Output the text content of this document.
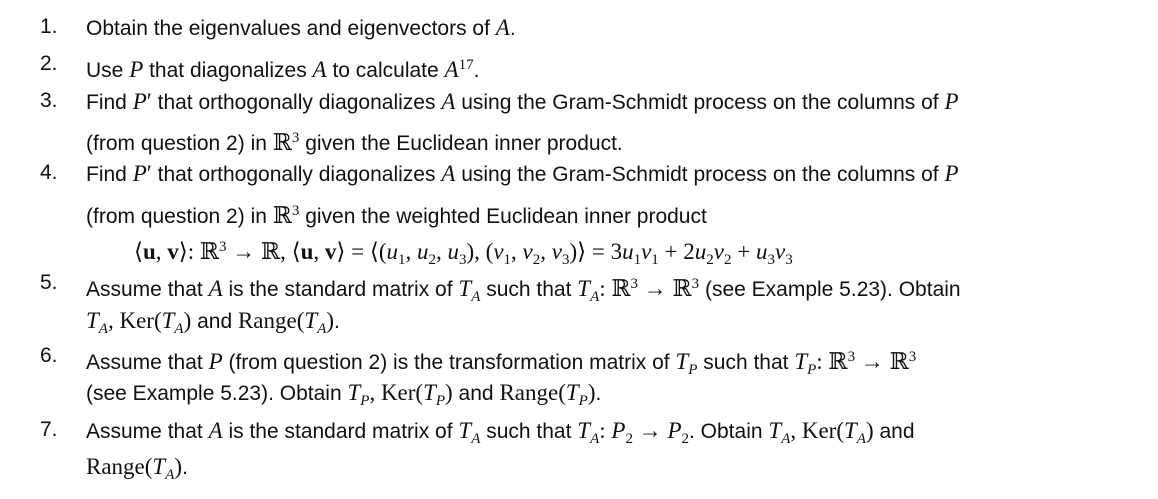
1.	Obtain the eigenvalues and eigenvectors of A.
2.	Use P that diagonalizes A to calculate $A^{17}$.
3.	Find P′ that orthogonally diagonalizes A using the Gram-Schmidt process on the columns of P
(from question 2) in ℝ$^3$ given the Euclidean inner product.
4.	Find P′ that orthogonally diagonalizes A using the Gram-Schmidt process on the columns of P
(from question 2) in ℝ$^3$ given the weighted Euclidean inner product
⟨u, v⟩: ℝ$^3$ → ℝ, ⟨u, v⟩ = $⟨(u_1$, $u_2$, $u_3$), ($v_1$, $v_2$, $v_3)⟩ = 3u_1v_1 + 2u_2v_2 + u_3v_3$
5.	Assume that A is the standard matrix of $T_A$ such that $T_A$: ℝ$^3$ → ℝ$^3$ (see Example 5.23). Obtain
$T_A$, $Ker(T_A)$ and $Range(T_A)$.
6.	Assume that P (from question 2) is the transformation matrix of $T_P$ such that $T_P$: ℝ$^3$ → ℝ$^3$
(see Example 5.23). Obtain $T_P$, $Ker(T_P)$ and $Range(T_P)$.
7.	Assume that A is the standard matrix of $T_A$ such that $T_A$: $P_2 \to P_2$. Obtain $T_A$, $Ker(T_A)$ and
$Range(T_A)$.
